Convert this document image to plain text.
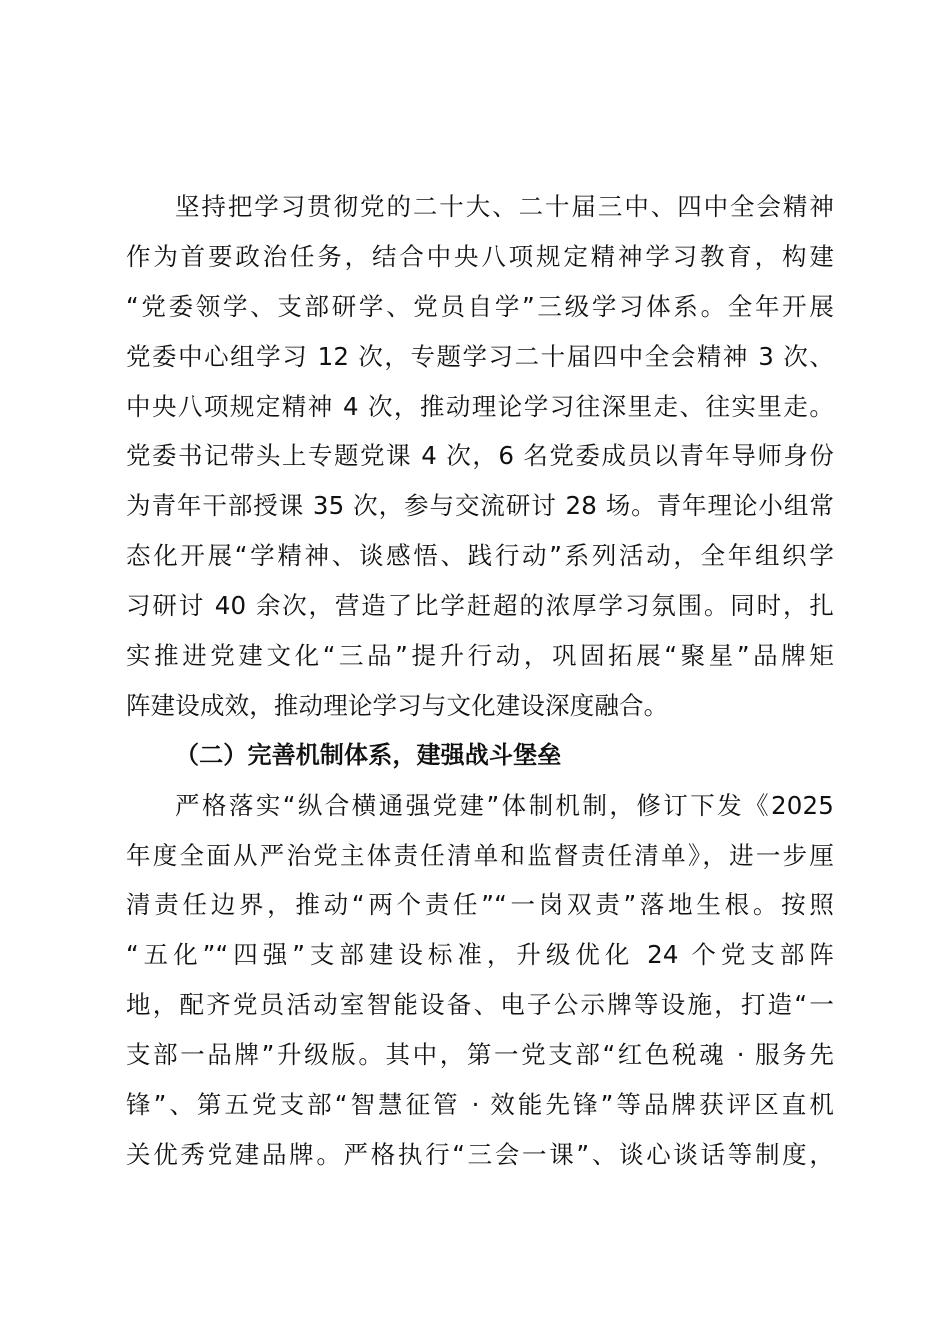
坚持把学习贯彻党的二十大、二十届三中、四中全会精神
作为首要政治任务，结合中央八项规定精神学习教育，构建
“党委领学、支部研学、党员自学”三级学习体系。全年开展
党委中心组学习 12 次，专题学习二十届四中全会精神 3 次、
中央八项规定精神 4 次，推动理论学习往深里走、往实里走。
党委书记带头上专题党课 4 次，6 名党委成员以青年导师身份
为青年干部授课 35 次，参与交流研讨 28 场。青年理论小组常
态化开展“学精神、谈感悟、践行动”系列活动，全年组织学
习研讨 40 余次，营造了比学赶超的浓厚学习氛围。同时，扎
实推进党建文化“三品”提升行动，巩固拓展“聚星”品牌矩
阵建设成效，推动理论学习与文化建设深度融合。
（二）完善机制体系，建强战斗堡垒
严格落实“纵合横通强党建”体制机制，修订下发《2025
年度全面从严治党主体责任清单和监督责任清单》，进一步厘
清责任边界，推动“两个责任”“一岗双责”落地生根。按照
“五化”“四强”支部建设标准，升级优化 24 个党支部阵
地，配齐党员活动室智能设备、电子公示牌等设施，打造“一
支部一品牌”升级版。其中，第一党支部“红色税魂 · 服务先
锋”、第五党支部“智慧征管 · 效能先锋”等品牌获评区直机
关优秀党建品牌。严格执行“三会一课”、谈心谈话等制度，
